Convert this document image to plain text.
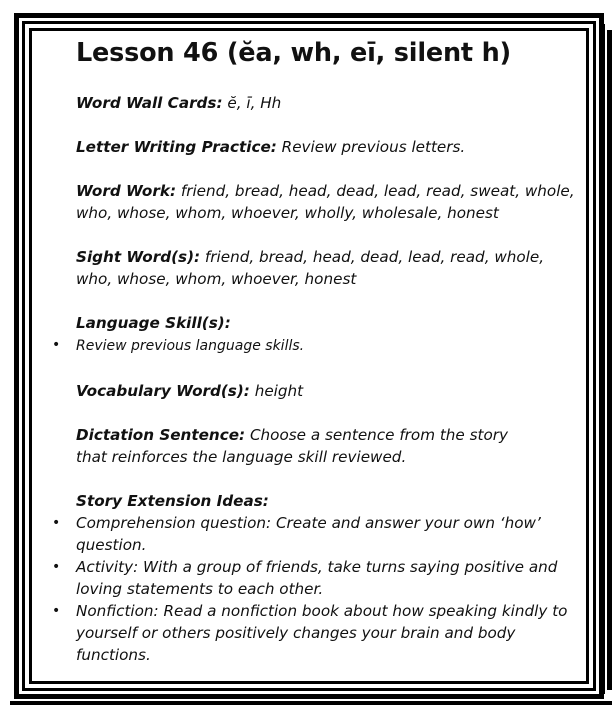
Lesson 46 (ĕa, wh, eī, silent h)

Word Wall Cards: ĕ, ī, Hh

Letter Writing Practice: Review previous letters.

Word Work: friend, bread, head, dead, lead, read, sweat, whole, who, whose, whom, whoever, wholly, wholesale, honest

Sight Word(s): friend, bread, head, dead, lead, read, whole, who, whose, whom, whoever, honest

Language Skill(s):

• Review previous language skills.

Vocabulary Word(s): height

Dictation Sentence: Choose a sentence from the story that reinforces the language skill reviewed.

Story Extension Ideas:

• Comprehension question: Create and answer your own ‘how’ question.
• Activity: With a group of friends, take turns saying positive and loving statements to each other.
• Nonfiction: Read a nonfiction book about how speaking kindly to yourself or others positively changes your brain and body functions.
